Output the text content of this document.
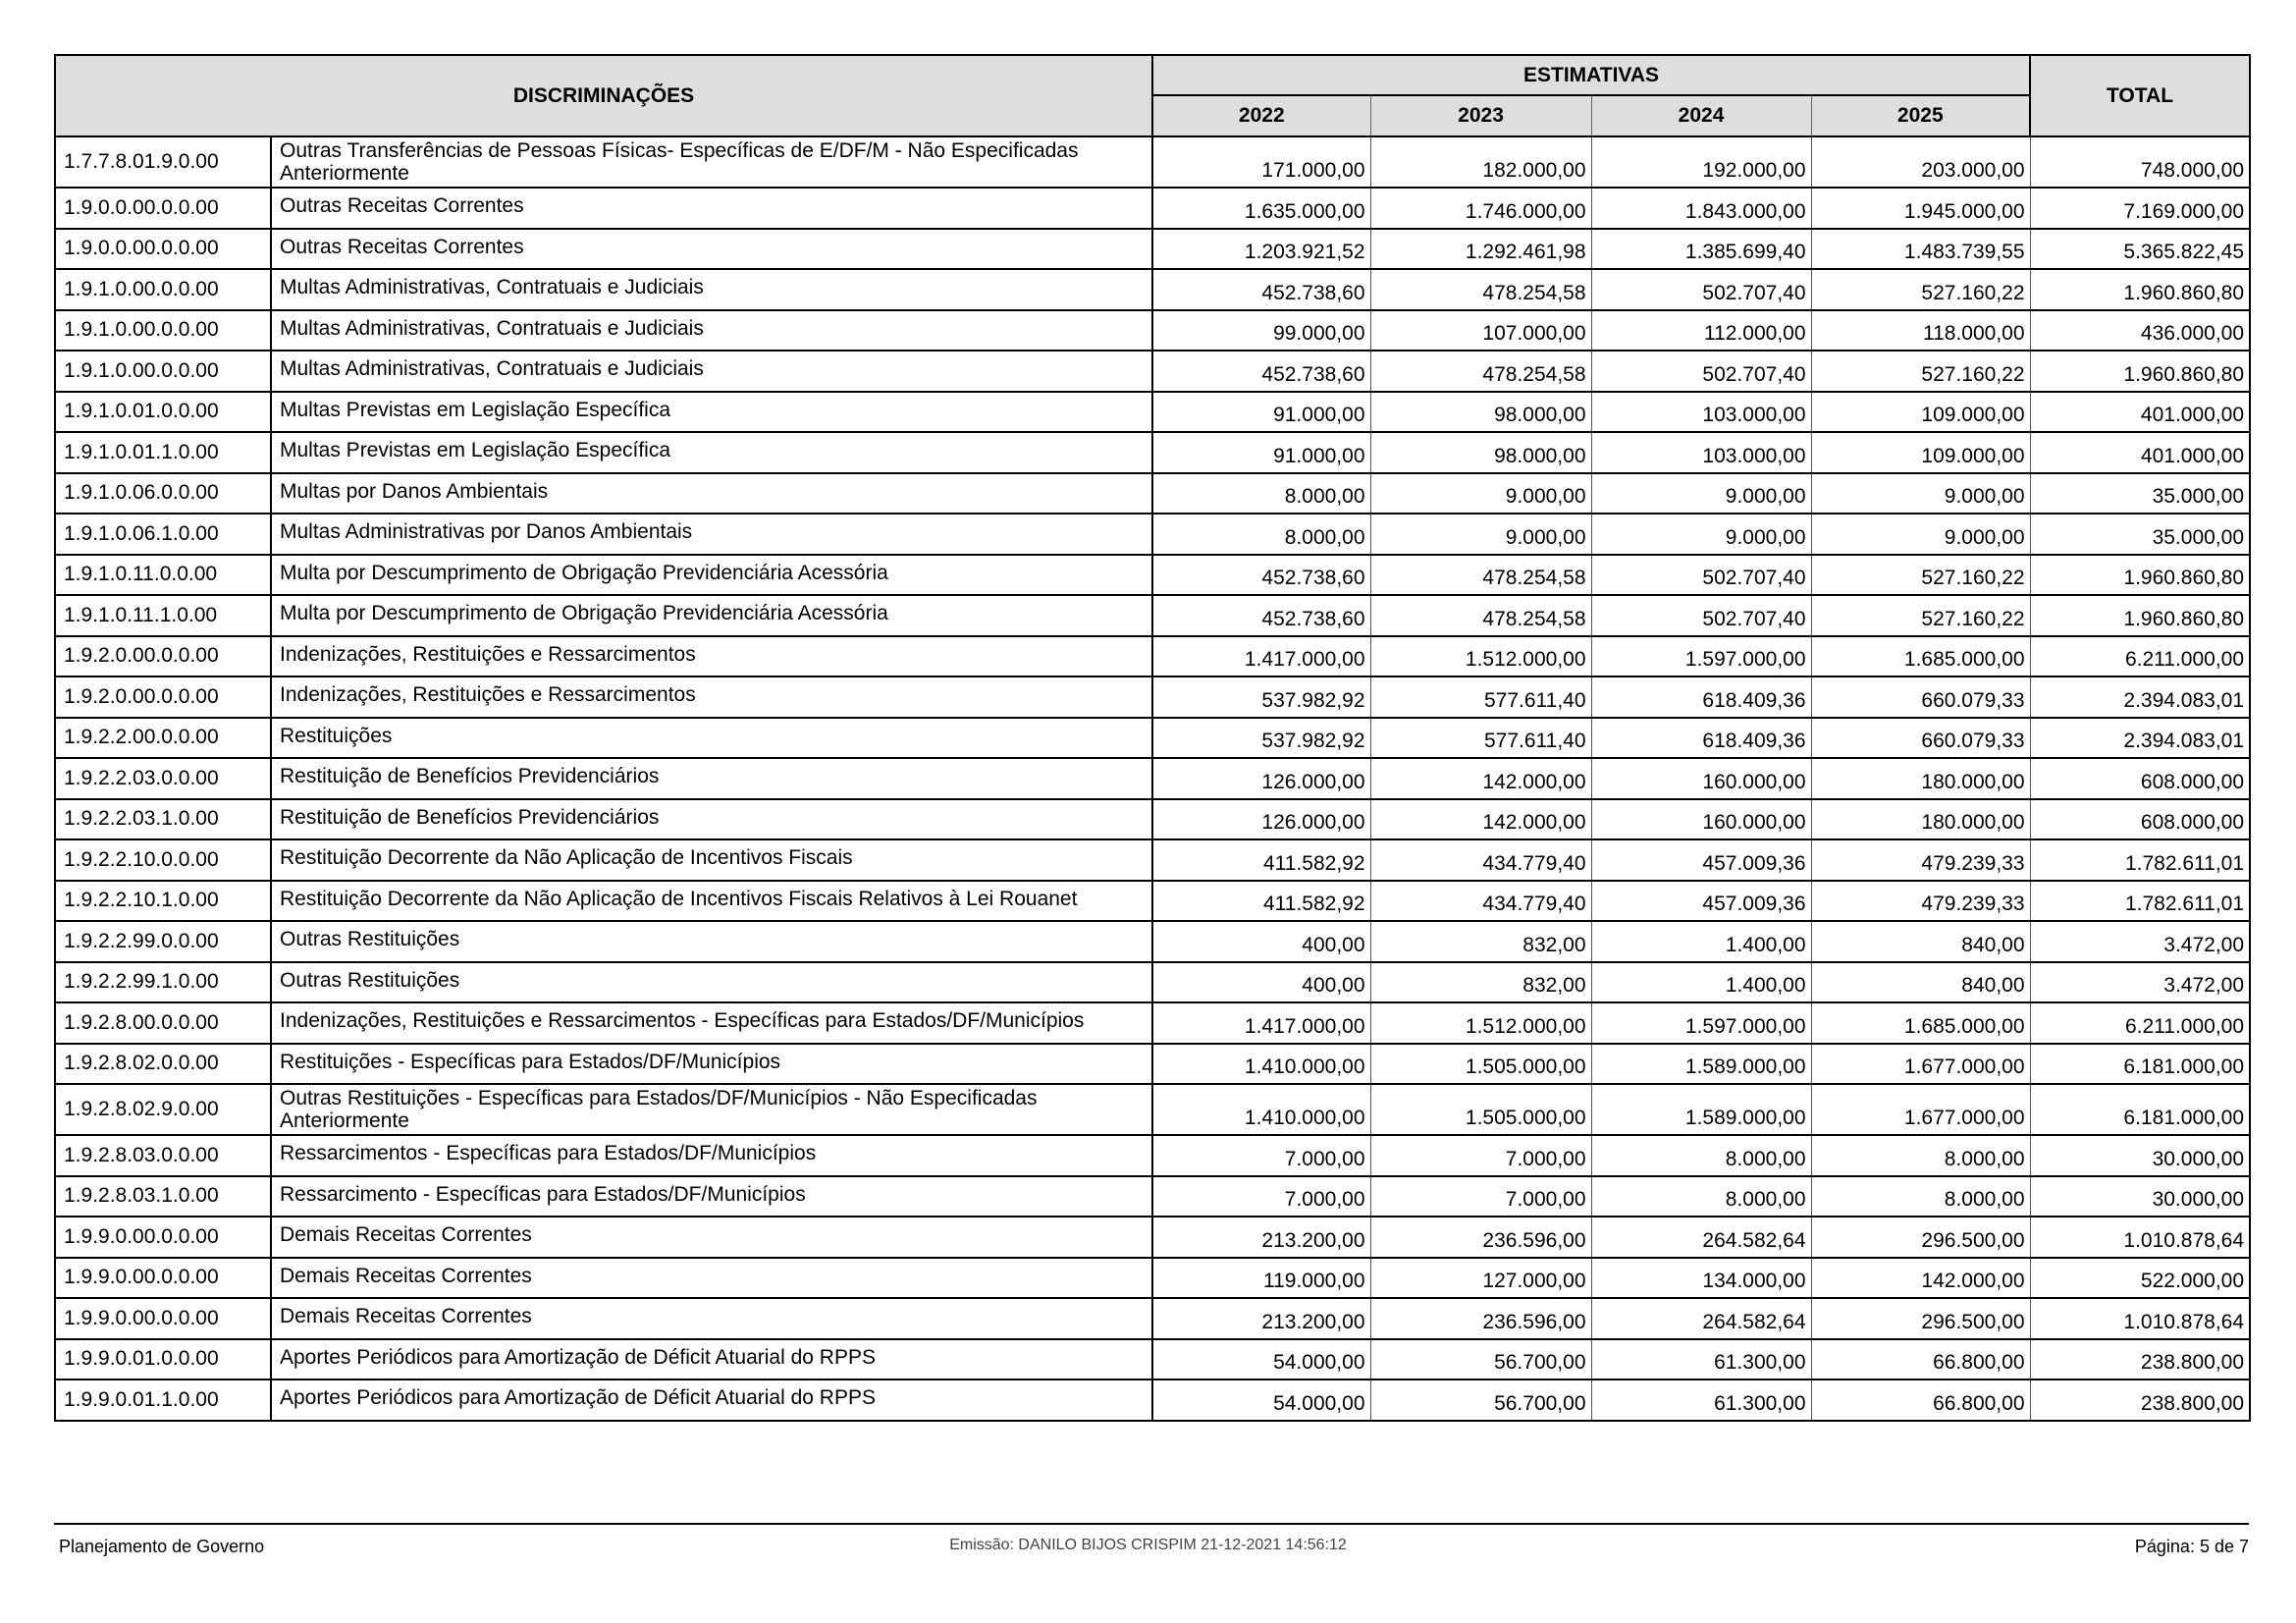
DISCRIMINAÇÕES		ESTIMATIVAS				TOTAL
		2022	2023	2024	2025	
1.7.7.8.01.9.0.00	Outras Transferências de Pessoas Físicas- Específicas de E/DF/M - Não Especificadas Anteriormente	171.000,00	182.000,00	192.000,00	203.000,00	748.000,00
1.9.0.0.00.0.0.00	Outras Receitas Correntes	1.635.000,00	1.746.000,00	1.843.000,00	1.945.000,00	7.169.000,00
1.9.0.0.00.0.0.00	Outras Receitas Correntes	1.203.921,52	1.292.461,98	1.385.699,40	1.483.739,55	5.365.822,45
1.9.1.0.00.0.0.00	Multas Administrativas, Contratuais e Judiciais	452.738,60	478.254,58	502.707,40	527.160,22	1.960.860,80
1.9.1.0.00.0.0.00	Multas Administrativas, Contratuais e Judiciais	99.000,00	107.000,00	112.000,00	118.000,00	436.000,00
1.9.1.0.00.0.0.00	Multas Administrativas, Contratuais e Judiciais	452.738,60	478.254,58	502.707,40	527.160,22	1.960.860,80
1.9.1.0.01.0.0.00	Multas Previstas em Legislação Específica	91.000,00	98.000,00	103.000,00	109.000,00	401.000,00
1.9.1.0.01.1.0.00	Multas Previstas em Legislação Específica	91.000,00	98.000,00	103.000,00	109.000,00	401.000,00
1.9.1.0.06.0.0.00	Multas por Danos Ambientais	8.000,00	9.000,00	9.000,00	9.000,00	35.000,00
1.9.1.0.06.1.0.00	Multas Administrativas por Danos Ambientais	8.000,00	9.000,00	9.000,00	9.000,00	35.000,00
1.9.1.0.11.0.0.00	Multa por Descumprimento de Obrigação Previdenciária Acessória	452.738,60	478.254,58	502.707,40	527.160,22	1.960.860,80
1.9.1.0.11.1.0.00	Multa por Descumprimento de Obrigação Previdenciária Acessória	452.738,60	478.254,58	502.707,40	527.160,22	1.960.860,80
1.9.2.0.00.0.0.00	Indenizações, Restituições e Ressarcimentos	1.417.000,00	1.512.000,00	1.597.000,00	1.685.000,00	6.211.000,00
1.9.2.0.00.0.0.00	Indenizações, Restituições e Ressarcimentos	537.982,92	577.611,40	618.409,36	660.079,33	2.394.083,01
1.9.2.2.00.0.0.00	Restituições	537.982,92	577.611,40	618.409,36	660.079,33	2.394.083,01
1.9.2.2.03.0.0.00	Restituição de Benefícios Previdenciários	126.000,00	142.000,00	160.000,00	180.000,00	608.000,00
1.9.2.2.03.1.0.00	Restituição de Benefícios Previdenciários	126.000,00	142.000,00	160.000,00	180.000,00	608.000,00
1.9.2.2.10.0.0.00	Restituição Decorrente da Não Aplicação de Incentivos Fiscais	411.582,92	434.779,40	457.009,36	479.239,33	1.782.611,01
1.9.2.2.10.1.0.00	Restituição Decorrente da Não Aplicação de Incentivos Fiscais Relativos à Lei Rouanet	411.582,92	434.779,40	457.009,36	479.239,33	1.782.611,01
1.9.2.2.99.0.0.00	Outras Restituições	400,00	832,00	1.400,00	840,00	3.472,00
1.9.2.2.99.1.0.00	Outras Restituições	400,00	832,00	1.400,00	840,00	3.472,00
1.9.2.8.00.0.0.00	Indenizações, Restituições e Ressarcimentos - Específicas para Estados/DF/Municípios	1.417.000,00	1.512.000,00	1.597.000,00	1.685.000,00	6.211.000,00
1.9.2.8.02.0.0.00	Restituições - Específicas para Estados/DF/Municípios	1.410.000,00	1.505.000,00	1.589.000,00	1.677.000,00	6.181.000,00
1.9.2.8.02.9.0.00	Outras Restituições - Específicas para Estados/DF/Municípios - Não Especificadas Anteriormente	1.410.000,00	1.505.000,00	1.589.000,00	1.677.000,00	6.181.000,00
1.9.2.8.03.0.0.00	Ressarcimentos - Específicas para Estados/DF/Municípios	7.000,00	7.000,00	8.000,00	8.000,00	30.000,00
1.9.2.8.03.1.0.00	Ressarcimento - Específicas para Estados/DF/Municípios	7.000,00	7.000,00	8.000,00	8.000,00	30.000,00
1.9.9.0.00.0.0.00	Demais Receitas Correntes	213.200,00	236.596,00	264.582,64	296.500,00	1.010.878,64
1.9.9.0.00.0.0.00	Demais Receitas Correntes	119.000,00	127.000,00	134.000,00	142.000,00	522.000,00
1.9.9.0.00.0.0.00	Demais Receitas Correntes	213.200,00	236.596,00	264.582,64	296.500,00	1.010.878,64
1.9.9.0.01.0.0.00	Aportes Periódicos para Amortização de Déficit Atuarial do RPPS	54.000,00	56.700,00	61.300,00	66.800,00	238.800,00
1.9.9.0.01.1.0.00	Aportes Periódicos para Amortização de Déficit Atuarial do RPPS	54.000,00	56.700,00	61.300,00	66.800,00	238.800,00
Planejamento de Governo	Emissão: DANILO BIJOS CRISPIM 21-12-2021 14:56:12	Página: 5 de 7
